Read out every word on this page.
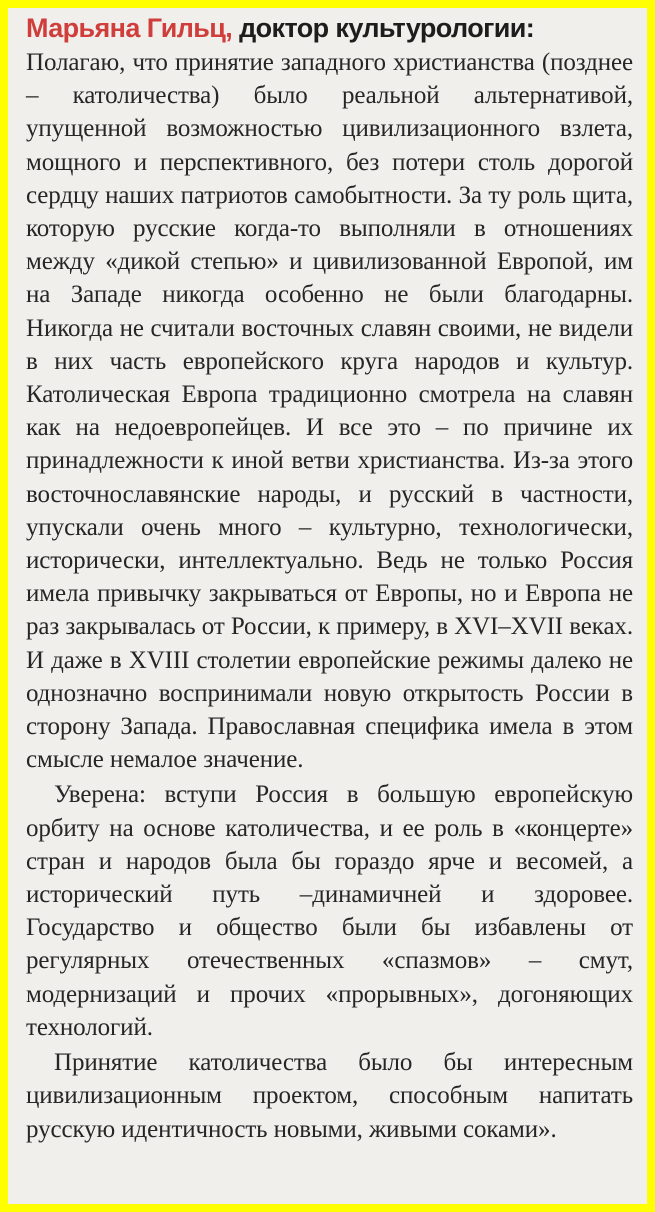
Марьяна Гильц, доктор культурологии:

Полагаю, что принятие западного христианства (позднее – католичества) было реальной альтернативой, упущенной возможностью цивилизационного взлета, мощного и перспективного, без потери столь дорогой сердцу наших патриотов самобытности. За ту роль щита, которую русские когда-то выполняли в отношениях между «дикой степью» и цивилизованной Европой, им на Западе никогда особенно не были благодарны. Никогда не считали восточных славян своими, не видели в них часть европейского круга народов и культур. Католическая Европа традиционно смотрела на славян как на недоевропейцев. И все это – по причине их принадлежности к иной ветви христианства. Из-за этого восточнославянские народы, и русский в частности, упускали очень много – культурно, технологически, исторически, интеллектуально. Ведь не только Россия имела привычку закрываться от Европы, но и Европа не раз закрывалась от России, к примеру, в XVI–XVII веках. И даже в XVIII столетии европейские режимы далеко не однозначно воспринимали новую открытость России в сторону Запада. Православная специфика имела в этом смысле немалое значение.

Уверена: вступи Россия в большую европейскую орбиту на основе католичества, и ее роль в «концерте» стран и народов была бы гораздо ярче и весомей, а исторический путь –динамичней и здоровее. Государство и общество были бы избавлены от регулярных отечественных «спазмов» – смут, модернизаций и прочих «прорывных», догоняющих технологий.

Принятие католичества было бы интересным цивилизационным проектом, способным напитать русскую идентичность новыми, живыми соками».
